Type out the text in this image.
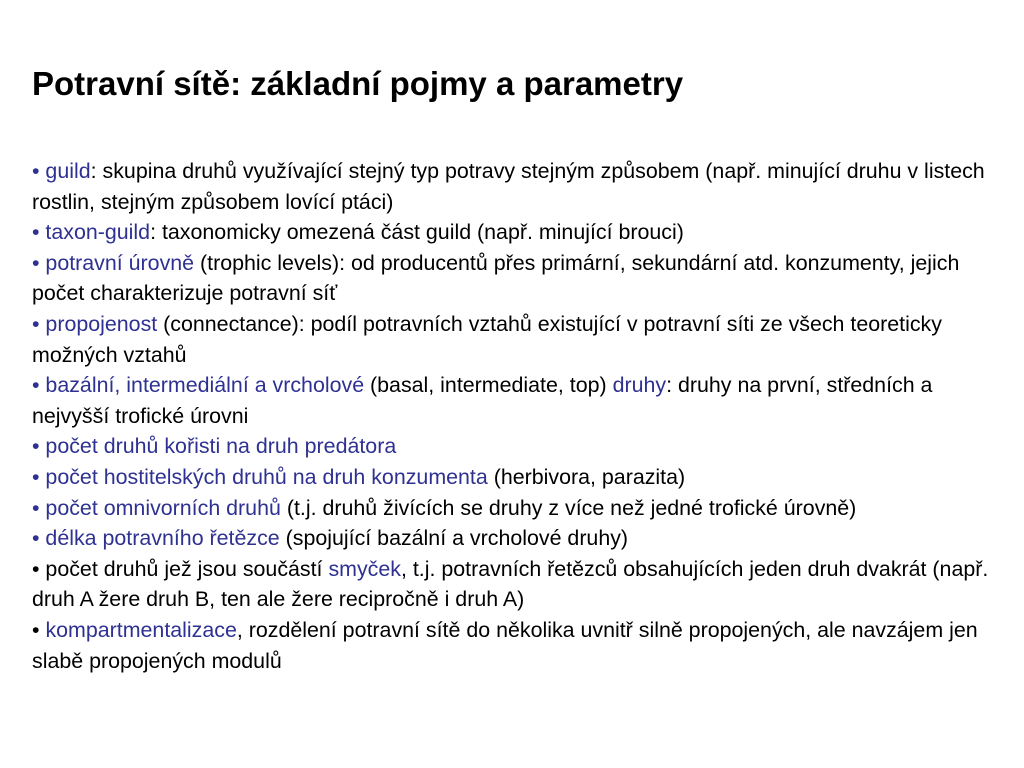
Potravní sítě: základní pojmy a parametry

• guild: skupina druhů využívající stejný typ potravy stejným způsobem (např. minující druhu v listech rostlin, stejným způsobem lovící ptáci)

• taxon-guild: taxonomicky omezená část guild (např. minující brouci)

• potravní úrovně (trophic levels): od producentů přes primární, sekundární atd. konzumenty, jejich počet charakterizuje potravní síť

• propojenost (connectance): podíl potravních vztahů existující v potravní síti ze všech teoreticky možných vztahů

• bazální, intermediální a vrcholové (basal, intermediate, top) druhy: druhy na první, středních a nejvyšší trofické úrovni

• počet druhů kořisti na druh predátora

• počet hostitelských druhů na druh konzumenta (herbivora, parazita)

• počet omnivorních druhů (t.j. druhů živících se druhy z více než jedné trofické úrovně)

• délka potravního řetězce (spojující bazální a vrcholové druhy)

• počet druhů jež jsou součástí smyček, t.j. potravních řetězců obsahujících jeden druh dvakrát (např. druh A žere druh B, ten ale žere recipročně i druh A)

• kompartmentalizace, rozdělení potravní sítě do několika uvnitř silně propojených, ale navzájem jen slabě propojených modulů
